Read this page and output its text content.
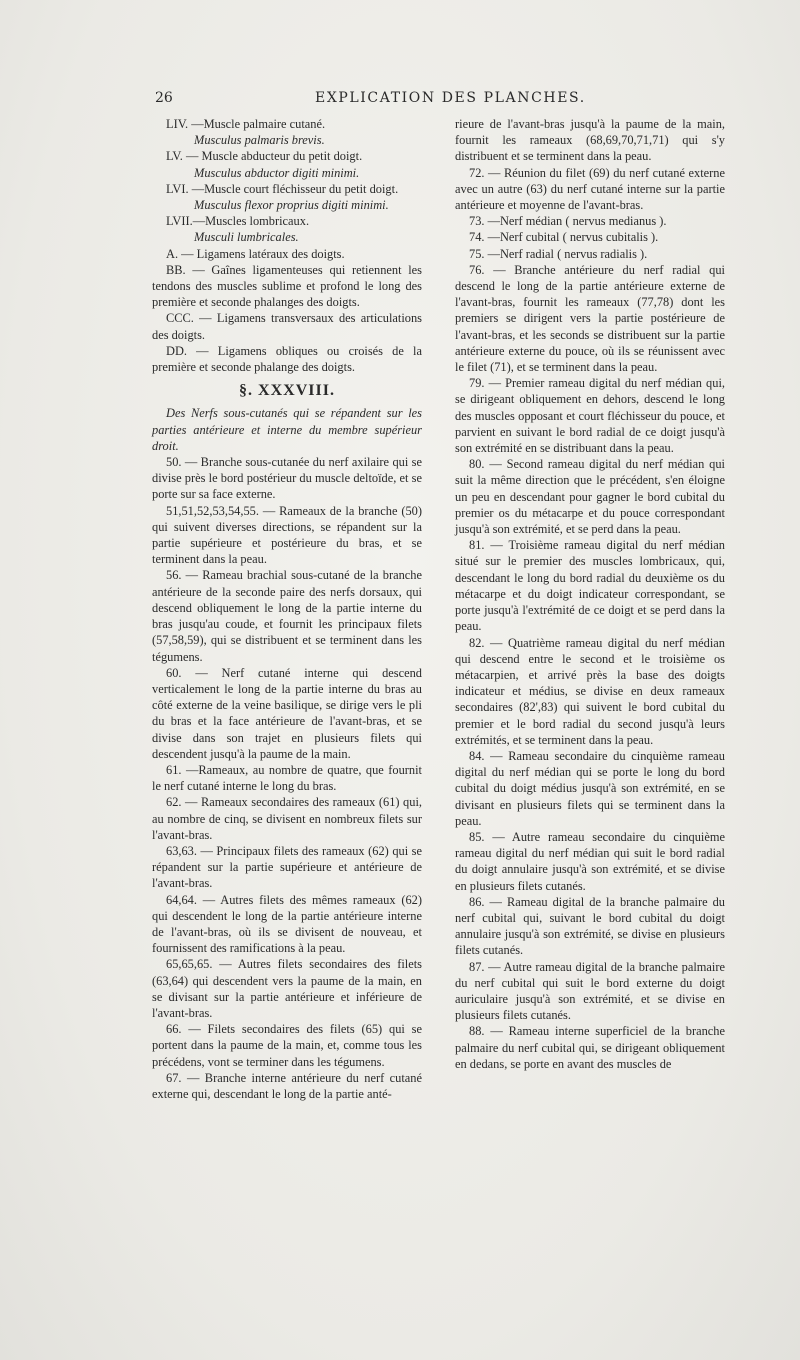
26	EXPLICATION DES PLANCHES.

LIV. —Muscle palmaire cutané.

Musculus palmaris brevis.

LV. — Muscle abducteur du petit doigt.

Musculus abductor digiti minimi.

LVI. —Muscle court fléchisseur du petit doigt.

Musculus flexor proprius digiti minimi.

LVII.—Muscles lombricaux.

Musculi lumbricales.

A. — Ligamens latéraux des doigts.

BB. — Gaînes ligamenteuses qui retiennent les tendons des muscles sublime et profond le long des première et seconde phalanges des doigts.

CCC. — Ligamens transversaux des articulations des doigts.

DD. — Ligamens obliques ou croisés de la première et seconde phalange des doigts.

§. XXXVIII.

Des Nerfs sous-cutanés qui se répandent sur les parties antérieure et interne du membre supérieur droit.

50. — Branche sous-cutanée du nerf axilaire qui se divise près le bord postérieur du muscle deltoïde, et se porte sur sa face externe.

51,51,52,53,54,55. — Rameaux de la branche (50) qui suivent diverses directions, se répandent sur la partie supérieure et postérieure du bras, et se terminent dans la peau.

56. — Rameau brachial sous-cutané de la branche antérieure de la seconde paire des nerfs dorsaux, qui descend obliquement le long de la partie interne du bras jusqu'au coude, et fournit les principaux filets (57,58,59), qui se distribuent et se terminent dans les tégumens.

60. — Nerf cutané interne qui descend verticalement le long de la partie interne du bras au côté externe de la veine basilique, se dirige vers le pli du bras et la face antérieure de l'avant-bras, et se divise dans son trajet en plusieurs filets qui descendent jusqu'à la paume de la main.

61. —Rameaux, au nombre de quatre, que fournit le nerf cutané interne le long du bras.

62. — Rameaux secondaires des rameaux (61) qui, au nombre de cinq, se divisent en nombreux filets sur l'avant-bras.

63,63. — Principaux filets des rameaux (62) qui se répandent sur la partie supérieure et antérieure de l'avant-bras.

64,64. — Autres filets des mêmes rameaux (62) qui descendent le long de la partie antérieure interne de l'avant-bras, où ils se divisent de nouveau, et fournissent des ramifications à la peau.

65,65,65. — Autres filets secondaires des filets (63,64) qui descendent vers la paume de la main, en se divisant sur la partie antérieure et inférieure de l'avant-bras.

66. — Filets secondaires des filets (65) qui se portent dans la paume de la main, et, comme tous les précédens, vont se terminer dans les tégumens.

67. — Branche interne antérieure du nerf cutané externe qui, descendant le long de la partie anté-

rieure de l'avant-bras jusqu'à la paume de la main, fournit les rameaux (68,69,70,71,71) qui s'y distribuent et se terminent dans la peau.

72. — Réunion du filet (69) du nerf cutané externe avec un autre (63) du nerf cutané interne sur la partie antérieure et moyenne de l'avant-bras.

73. —Nerf médian ( nervus medianus ).

74. —Nerf cubital ( nervus cubitalis ).

75. —Nerf radial ( nervus radialis ).

76. — Branche antérieure du nerf radial qui descend le long de la partie antérieure externe de l'avant-bras, fournit les rameaux (77,78) dont les premiers se dirigent vers la partie postérieure de l'avant-bras, et les seconds se distribuent sur la partie antérieure externe du pouce, où ils se réunissent avec le filet (71), et se terminent dans la peau.

79. — Premier rameau digital du nerf médian qui, se dirigeant obliquement en dehors, descend le long des muscles opposant et court fléchisseur du pouce, et parvient en suivant le bord radial de ce doigt jusqu'à son extrémité en se distribuant dans la peau.

80. — Second rameau digital du nerf médian qui suit la même direction que le précédent, s'en éloigne un peu en descendant pour gagner le bord cubital du premier os du métacarpe et du pouce correspondant jusqu'à son extrémité, et se perd dans la peau.

81. — Troisième rameau digital du nerf médian situé sur le premier des muscles lombricaux, qui, descendant le long du bord radial du deuxième os du métacarpe et du doigt indicateur correspondant, se porte jusqu'à l'extrémité de ce doigt et se perd dans la peau.

82. — Quatrième rameau digital du nerf médian qui descend entre le second et le troisième os métacarpien, et arrivé près la base des doigts indicateur et médius, se divise en deux rameaux secondaires (82',83) qui suivent le bord cubital du premier et le bord radial du second jusqu'à leurs extrémités, et se terminent dans la peau.

84. — Rameau secondaire du cinquième rameau digital du nerf médian qui se porte le long du bord cubital du doigt médius jusqu'à son extrémité, en se divisant en plusieurs filets qui se terminent dans la peau.

85. — Autre rameau secondaire du cinquième rameau digital du nerf médian qui suit le bord radial du doigt annulaire jusqu'à son extrémité, et se divise en plusieurs filets cutanés.

86. — Rameau digital de la branche palmaire du nerf cubital qui, suivant le bord cubital du doigt annulaire jusqu'à son extrémité, se divise en plusieurs filets cutanés.

87. — Autre rameau digital de la branche palmaire du nerf cubital qui suit le bord externe du doigt auriculaire jusqu'à son extrémité, et se divise en plusieurs filets cutanés.

88. — Rameau interne superficiel de la branche palmaire du nerf cubital qui, se dirigeant obliquement en dedans, se porte en avant des muscles de
